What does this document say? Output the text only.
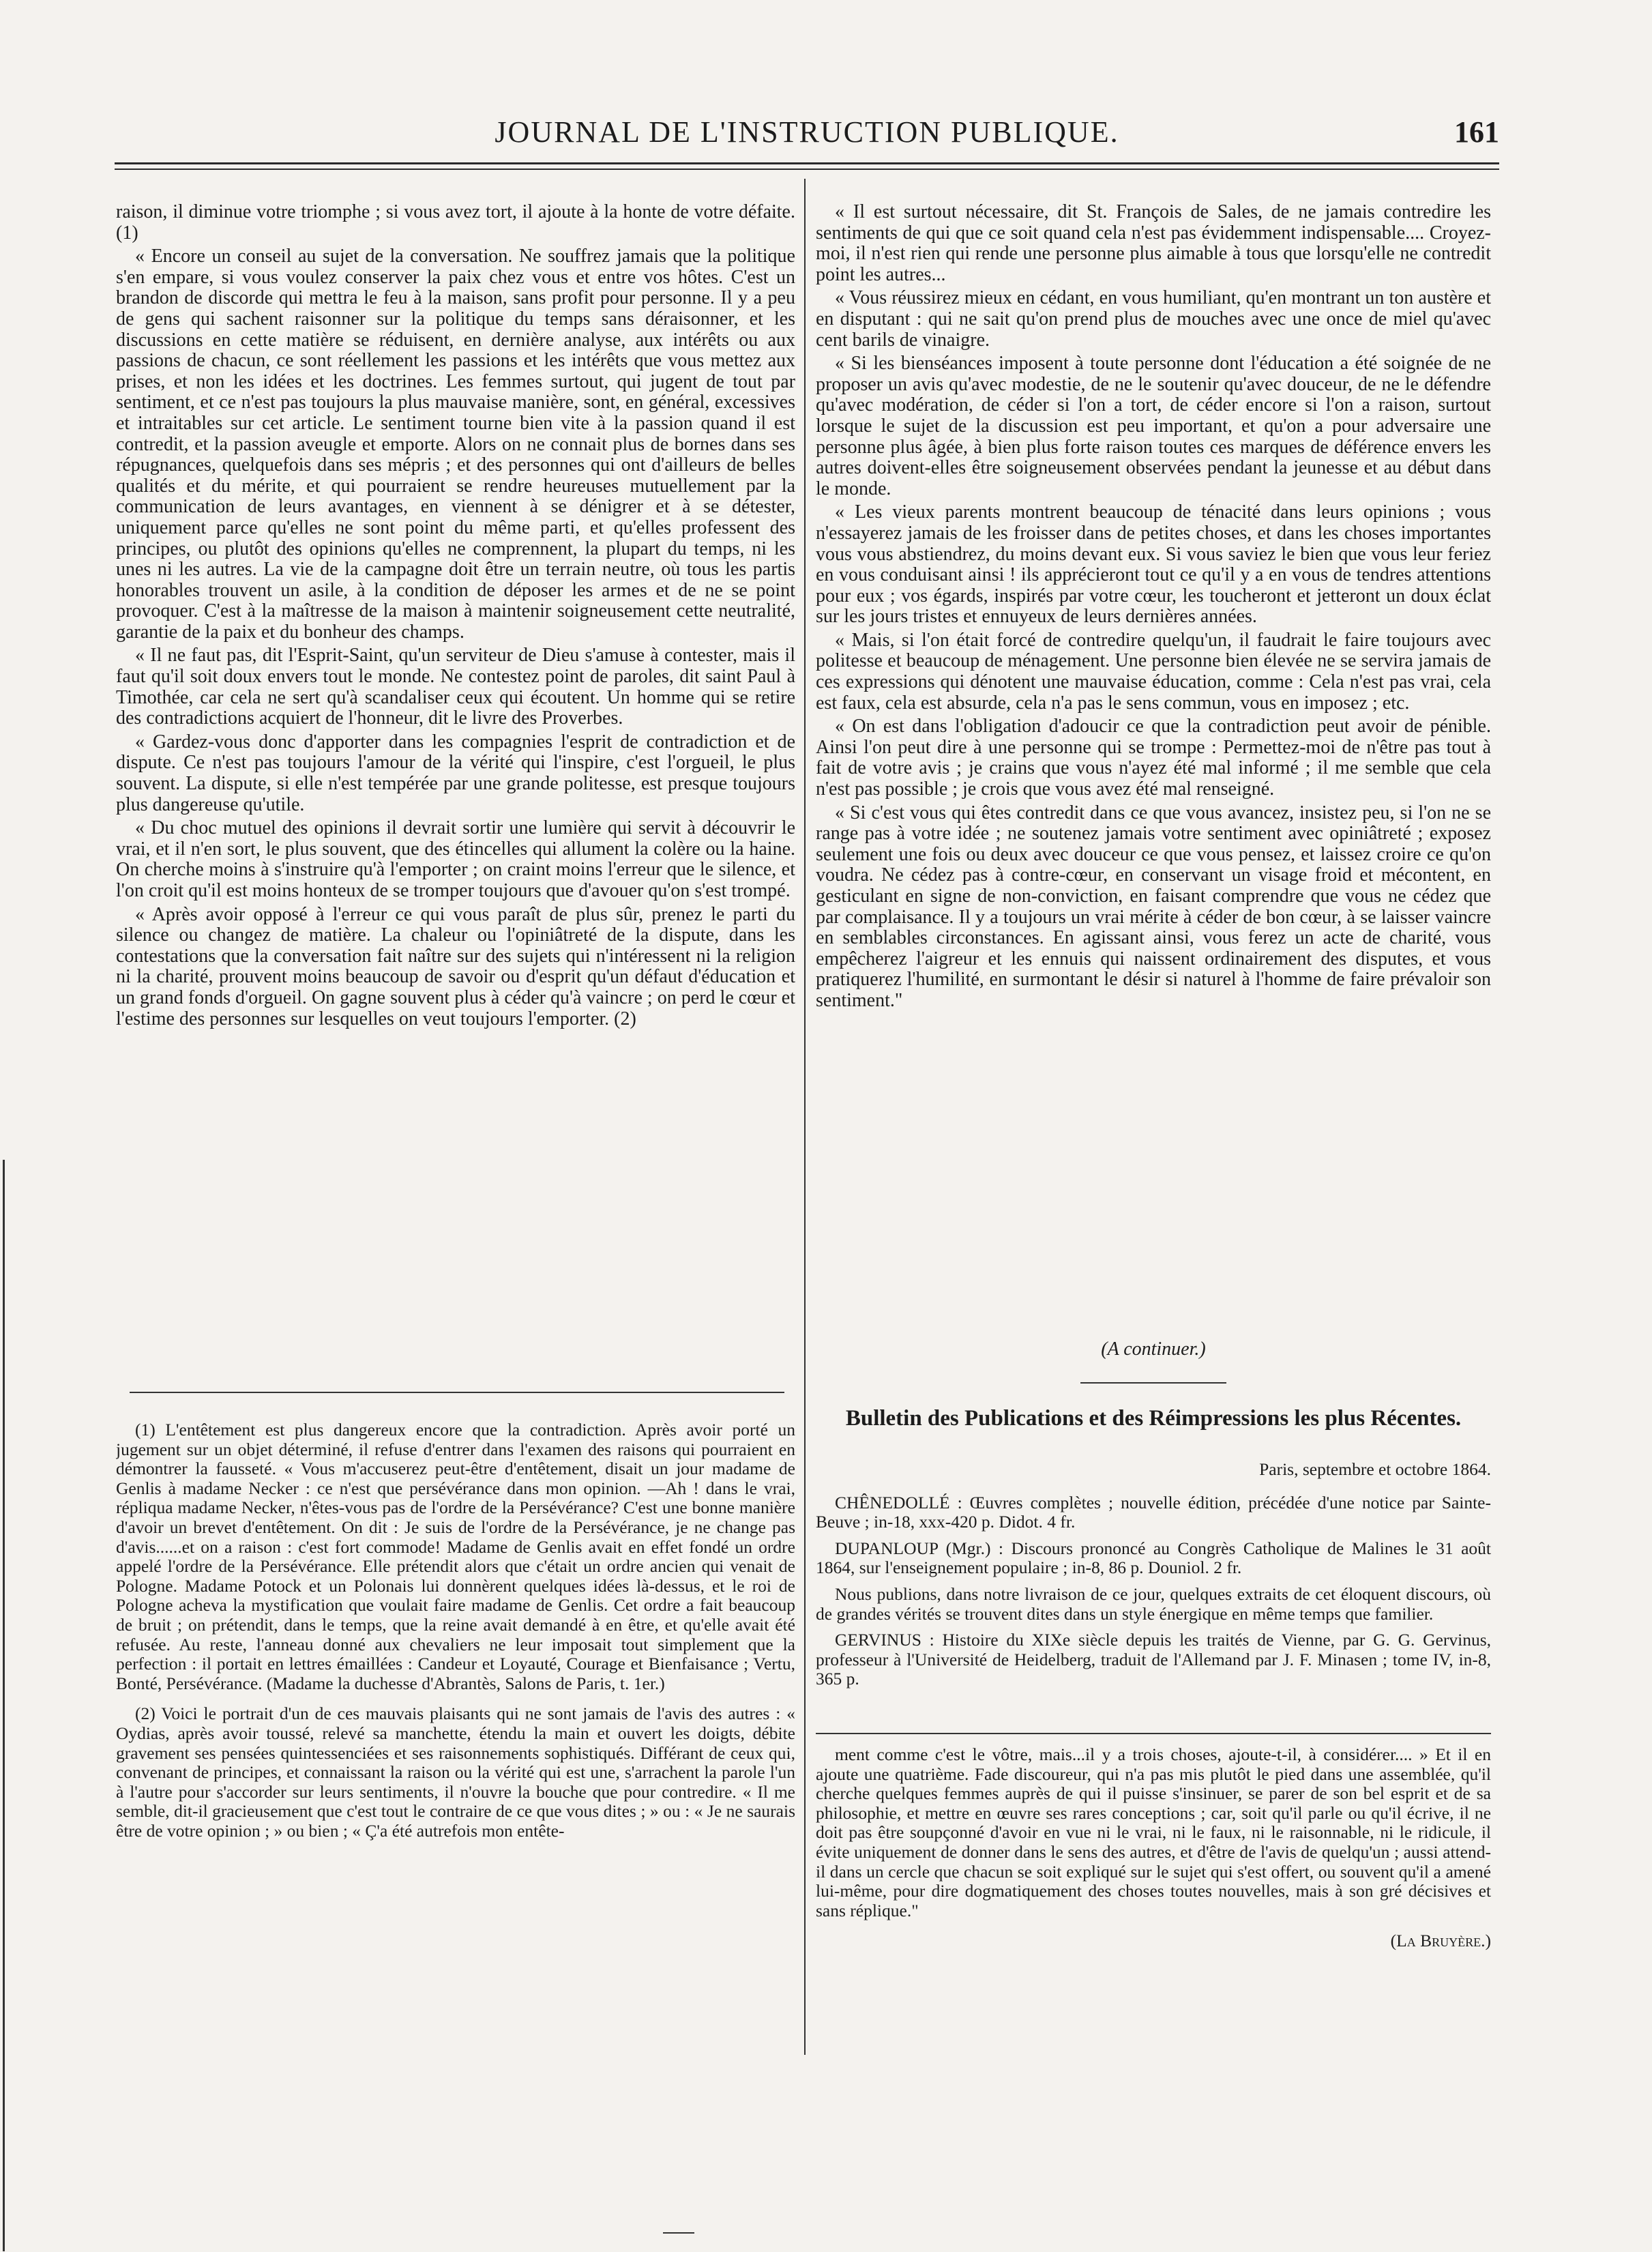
JOURNAL DE L'INSTRUCTION PUBLIQUE.	161

raison, il diminue votre triomphe ; si vous avez tort, il ajoute à la honte de votre défaite. (1)

« Encore un conseil au sujet de la conversation. Ne souffrez jamais que la politique s'en empare, si vous voulez conserver la paix chez vous et entre vos hôtes. C'est un brandon de discorde qui mettra le feu à la maison, sans profit pour personne. Il y a peu de gens qui sachent raisonner sur la politique du temps sans déraisonner, et les discussions en cette matière se réduisent, en dernière analyse, aux intérêts ou aux passions de chacun, ce sont réellement les passions et les intérêts que vous mettez aux prises, et non les idées et les doctrines. Les femmes surtout, qui jugent de tout par sentiment, et ce n'est pas toujours la plus mauvaise manière, sont, en général, excessives et intraitables sur cet article. Le sentiment tourne bien vite à la passion quand il est contredit, et la passion aveugle et emporte. Alors on ne connait plus de bornes dans ses répugnances, quelquefois dans ses mépris ; et des personnes qui ont d'ailleurs de belles qualités et du mérite, et qui pourraient se rendre heureuses mutuellement par la communication de leurs avantages, en viennent à se dénigrer et à se détester, uniquement parce qu'elles ne sont point du même parti, et qu'elles professent des principes, ou plutôt des opinions qu'elles ne comprennent, la plupart du temps, ni les unes ni les autres. La vie de la campagne doit être un terrain neutre, où tous les partis honorables trouvent un asile, à la condition de déposer les armes et de ne se point provoquer. C'est à la maîtresse de la maison à maintenir soigneusement cette neutralité, garantie de la paix et du bonheur des champs.

« Il ne faut pas, dit l'Esprit-Saint, qu'un serviteur de Dieu s'amuse à contester, mais il faut qu'il soit doux envers tout le monde. Ne contestez point de paroles, dit saint Paul à Timothée, car cela ne sert qu'à scandaliser ceux qui écoutent. Un homme qui se retire des contradictions acquiert de l'honneur, dit le livre des Proverbes.

« Gardez-vous donc d'apporter dans les compagnies l'esprit de contradiction et de dispute. Ce n'est pas toujours l'amour de la vérité qui l'inspire, c'est l'orgueil, le plus souvent. La dispute, si elle n'est tempérée par une grande politesse, est presque toujours plus dangereuse qu'utile.

« Du choc mutuel des opinions il devrait sortir une lumière qui servit à découvrir le vrai, et il n'en sort, le plus souvent, que des étincelles qui allument la colère ou la haine. On cherche moins à s'instruire qu'à l'emporter ; on craint moins l'erreur que le silence, et l'on croit qu'il est moins honteux de se tromper toujours que d'avouer qu'on s'est trompé.

« Après avoir opposé à l'erreur ce qui vous paraît de plus sûr, prenez le parti du silence ou changez de matière. La chaleur ou l'opiniâtreté de la dispute, dans les contestations que la conversation fait naître sur des sujets qui n'intéressent ni la religion ni la charité, prouvent moins beaucoup de savoir ou d'esprit qu'un défaut d'éducation et un grand fonds d'orgueil. On gagne souvent plus à céder qu'à vaincre ; on perd le cœur et l'estime des personnes sur lesquelles on veut toujours l'emporter. (2)

« Il est surtout nécessaire, dit St. François de Sales, de ne jamais contredire les sentiments de qui que ce soit quand cela n'est pas évidemment indispensable.... Croyez-moi, il n'est rien qui rende une personne plus aimable à tous que lorsqu'elle ne contredit point les autres...

« Vous réussirez mieux en cédant, en vous humiliant, qu'en montrant un ton austère et en disputant : qui ne sait qu'on prend plus de mouches avec une once de miel qu'avec cent barils de vinaigre.

« Si les bienséances imposent à toute personne dont l'éducation a été soignée de ne proposer un avis qu'avec modestie, de ne le soutenir qu'avec douceur, de ne le défendre qu'avec modération, de céder si l'on a tort, de céder encore si l'on a raison, surtout lorsque le sujet de la discussion est peu important, et qu'on a pour adversaire une personne plus âgée, à bien plus forte raison toutes ces marques de déférence envers les autres doivent-elles être soigneusement observées pendant la jeunesse et au début dans le monde.

« Les vieux parents montrent beaucoup de ténacité dans leurs opinions ; vous n'essayerez jamais de les froisser dans de petites choses, et dans les choses importantes vous vous abstiendrez, du moins devant eux. Si vous saviez le bien que vous leur feriez en vous conduisant ainsi ! ils apprécieront tout ce qu'il y a en vous de tendres attentions pour eux ; vos égards, inspirés par votre cœur, les toucheront et jetteront un doux éclat sur les jours tristes et ennuyeux de leurs dernières années.

« Mais, si l'on était forcé de contredire quelqu'un, il faudrait le faire toujours avec politesse et beaucoup de ménagement. Une personne bien élevée ne se servira jamais de ces expressions qui dénotent une mauvaise éducation, comme : Cela n'est pas vrai, cela est faux, cela est absurde, cela n'a pas le sens commun, vous en imposez ; etc.

« On est dans l'obligation d'adoucir ce que la contradiction peut avoir de pénible. Ainsi l'on peut dire à une personne qui se trompe : Permettez-moi de n'être pas tout à fait de votre avis ; je crains que vous n'ayez été mal informé ; il me semble que cela n'est pas possible ; je crois que vous avez été mal renseigné.

« Si c'est vous qui êtes contredit dans ce que vous avancez, insistez peu, si l'on ne se range pas à votre idée ; ne soutenez jamais votre sentiment avec opiniâtreté ; exposez seulement une fois ou deux avec douceur ce que vous pensez, et laissez croire ce qu'on voudra. Ne cédez pas à contre-cœur, en conservant un visage froid et mécontent, en gesticulant en signe de non-conviction, en faisant comprendre que vous ne cédez que par complaisance. Il y a toujours un vrai mérite à céder de bon cœur, à se laisser vaincre en semblables circonstances. En agissant ainsi, vous ferez un acte de charité, vous empêcherez l'aigreur et les ennuis qui naissent ordinairement des disputes, et vous pratiquerez l'humilité, en surmontant le désir si naturel à l'homme de faire prévaloir son sentiment."

(A continuer.)

(1) L'entêtement est plus dangereux encore que la contradiction. Après avoir porté un jugement sur un objet déterminé, il refuse d'entrer dans l'examen des raisons qui pourraient en démontrer la fausseté. « Vous m'accuserez peut-être d'entêtement, disait un jour madame de Genlis à madame Necker : ce n'est que persévérance dans mon opinion. —Ah ! dans le vrai, répliqua madame Necker, n'êtes-vous pas de l'ordre de la Persévérance? C'est une bonne manière d'avoir un brevet d'entêtement. On dit : Je suis de l'ordre de la Persévérance, je ne change pas d'avis......et on a raison : c'est fort commode! Madame de Genlis avait en effet fondé un ordre appelé l'ordre de la Persévérance. Elle prétendit alors que c'était un ordre ancien qui venait de Pologne. Madame Potock et un Polonais lui donnèrent quelques idées là-dessus, et le roi de Pologne acheva la mystification que voulait faire madame de Genlis. Cet ordre a fait beaucoup de bruit ; on prétendit, dans le temps, que la reine avait demandé à en être, et qu'elle avait été refusée. Au reste, l'anneau donné aux chevaliers ne leur imposait tout simplement que la perfection : il portait en lettres émaillées : Candeur et Loyauté, Courage et Bienfaisance ; Vertu, Bonté, Persévérance. (Madame la duchesse d'Abrantès, Salons de Paris, t. 1er.)

(2) Voici le portrait d'un de ces mauvais plaisants qui ne sont jamais de l'avis des autres : « Oydias, après avoir toussé, relevé sa manchette, étendu la main et ouvert les doigts, débite gravement ses pensées quintessenciées et ses raisonnements sophistiqués. Différant de ceux qui, convenant de principes, et connaissant la raison ou la vérité qui est une, s'arrachent la parole l'un à l'autre pour s'accorder sur leurs sentiments, il n'ouvre la bouche que pour contredire. « Il me semble, dit-il gracieusement que c'est tout le contraire de ce que vous dites ; » ou : « Je ne saurais être de votre opinion ; » ou bien ; « Ç'a été autrefois mon entête-

Bulletin des Publications et des Réimpressions les plus Récentes.
Paris, septembre et octobre 1864.

CHÊNEDOLLÉ : Œuvres complètes ; nouvelle édition, précédée d'une notice par Sainte-Beuve ; in-18, xxx-420 p. Didot. 4 fr.

DUPANLOUP (Mgr.) : Discours prononcé au Congrès Catholique de Malines le 31 août 1864, sur l'enseignement populaire ; in-8, 86 p. Douniol. 2 fr.

Nous publions, dans notre livraison de ce jour, quelques extraits de cet éloquent discours, où de grandes vérités se trouvent dites dans un style énergique en même temps que familier.

GERVINUS : Histoire du XIXe siècle depuis les traités de Vienne, par G. G. Gervinus, professeur à l'Université de Heidelberg, traduit de l'Allemand par J. F. Minasen ; tome IV, in-8, 365 p.

ment comme c'est le vôtre, mais...il y a trois choses, ajoute-t-il, à considérer.... » Et il en ajoute une quatrième. Fade discoureur, qui n'a pas mis plutôt le pied dans une assemblée, qu'il cherche quelques femmes auprès de qui il puisse s'insinuer, se parer de son bel esprit et de sa philosophie, et mettre en œuvre ses rares conceptions ; car, soit qu'il parle ou qu'il écrive, il ne doit pas être soupçonné d'avoir en vue ni le vrai, ni le faux, ni le raisonnable, ni le ridicule, il évite uniquement de donner dans le sens des autres, et d'être de l'avis de quelqu'un ; aussi attend-il dans un cercle que chacun se soit expliqué sur le sujet qui s'est offert, ou souvent qu'il a amené lui-même, pour dire dogmatiquement des choses toutes nouvelles, mais à son gré décisives et sans réplique."

(La Bruyère.)
